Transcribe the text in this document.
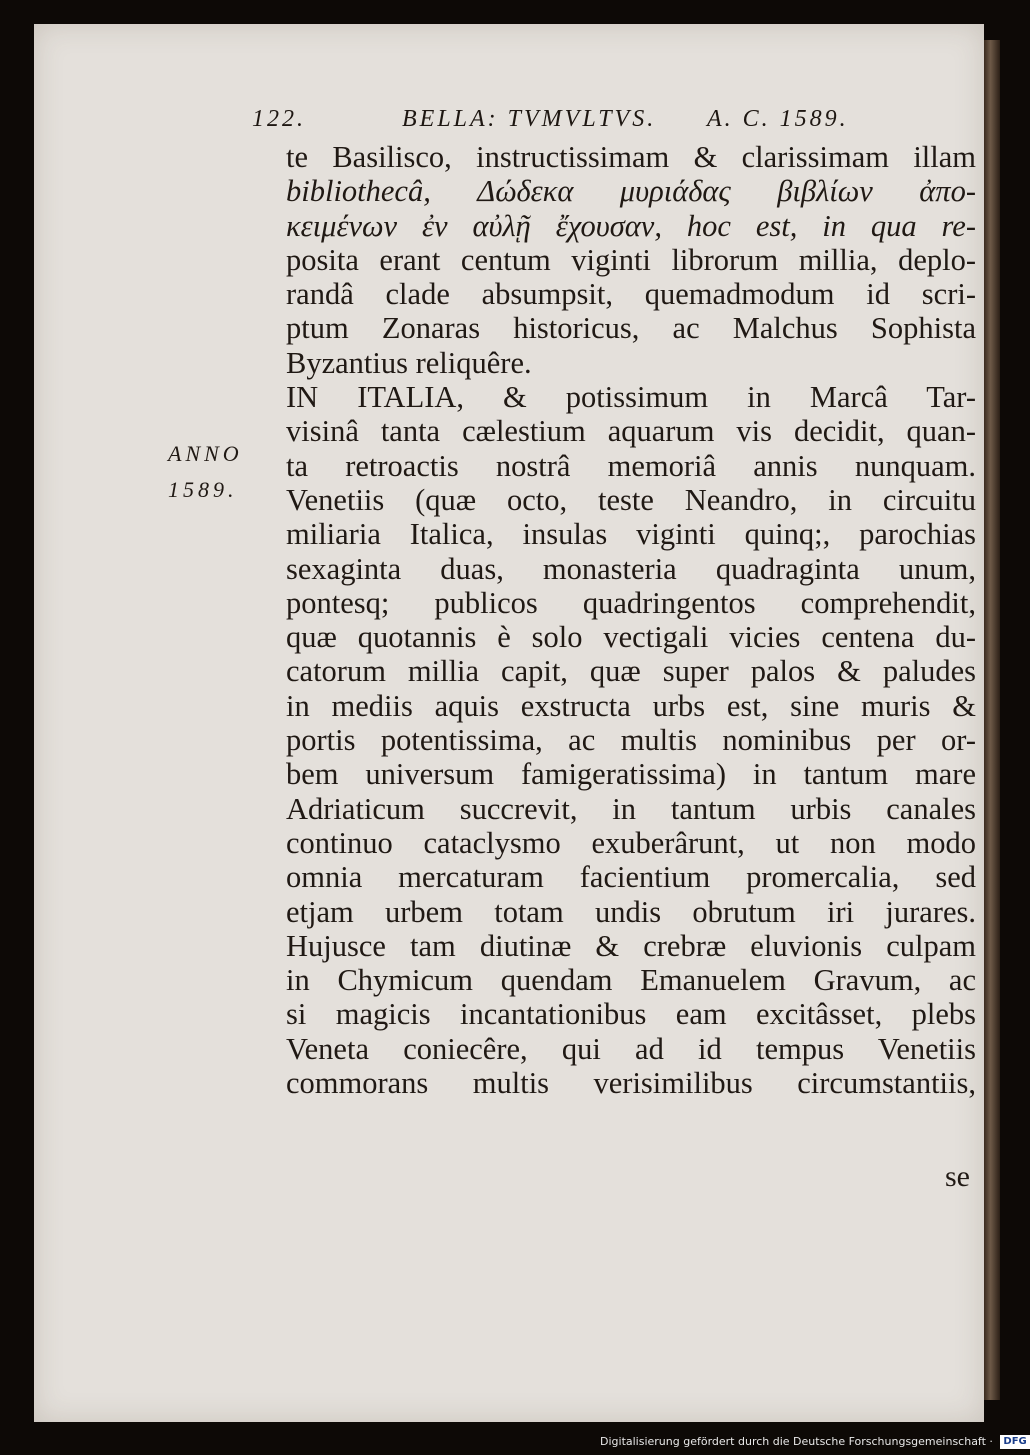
122.	BELLA: TVMVLTVS. A. C. 1589.
ANNO
1589.
te Basilisco, instructissimam & clarissimam illam
bibliothecâ, Δώδεκα μυριάδας βιβλίων ἀπο-
κειμένων ἐν αὐλῇ ἔχουσαν, hoc est, in qua re-
posita erant centum viginti librorum millia, deplo-
randâ clade absumpsit, quemadmodum id scri-
ptum Zonaras historicus, ac Malchus Sophista
Byzantius reliquêre.
IN ITALIA, & potissimum in Marcâ Tar-
visinâ tanta cælestium aquarum vis decidit, quan-
ta retroactis nostrâ memoriâ annis nunquam.
Venetiis (quæ octo, teste Neandro, in circuitu
miliaria Italica, insulas viginti quinq;, parochias
sexaginta duas, monasteria quadraginta unum,
pontesq; publicos quadringentos comprehendit,
quæ quotannis è solo vectigali vicies centena du-
catorum millia capit, quæ super palos & paludes
in mediis aquis exstructa urbs est, sine muris &
portis potentissima, ac multis nominibus per or-
bem universum famigeratissima) in tantum mare
Adriaticum succrevit, in tantum urbis canales
continuo cataclysmo exuberârunt, ut non modo
omnia mercaturam facientium promercalia, sed
etjam urbem totam undis obrutum iri jurares.
Hujusce tam diutinæ & crebræ eluvionis culpam
in Chymicum quendam Emanuelem Gravum, ac
si magicis incantationibus eam excitâsset, plebs
Veneta coniecêre, qui ad id tempus Venetiis
commorans multis verisimilibus circumstantiis,
se
Digitalisierung gefördert durch die Deutsche Forschungsgemeinschaft · DFG
